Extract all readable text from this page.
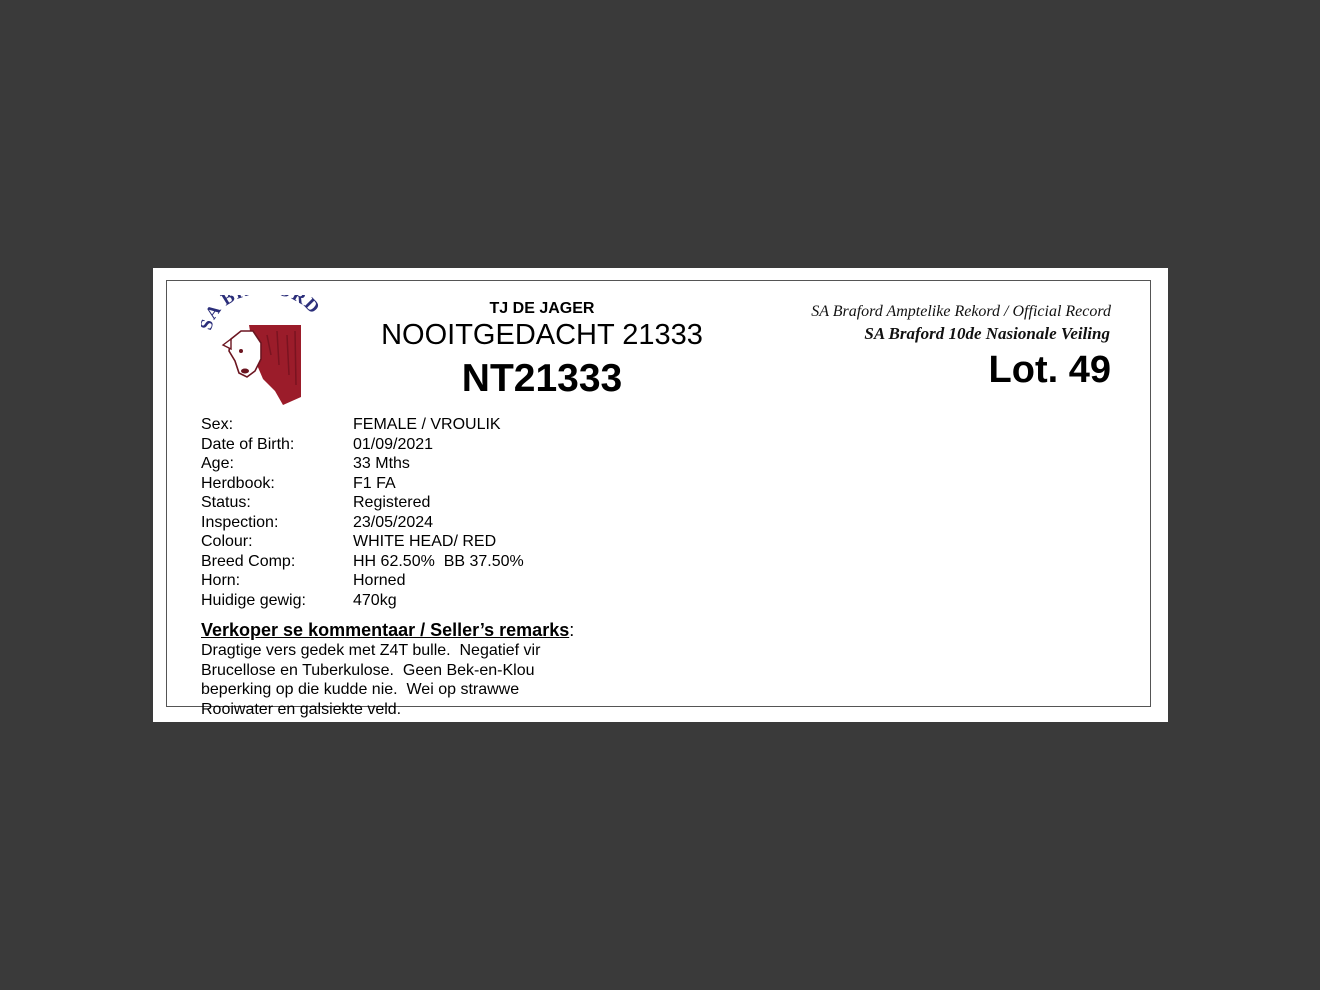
A B RD	TJ DE JAGER
NOOITGEDACHT 21333
NT21333
SA Braford Amptelike Rekord / Official Record
SA Braford 10de Nasionale Veiling
Lot. 49
Sex:	FEMALE / VROULIK
Date of Birth:	01/09/2021
Age:	33 Mths
Herdbook:	F1 FA
Status:	Registered
Inspection:	23/05/2024
Colour:	WHITE HEAD/ RED
Breed Comp:	HH 62.50%  BB 37.50%
Horn:	Horned
Huidige gewig:	470kg
Verkoper se kommentaar / Seller’s remarks:
Dragtige vers gedek met Z4T bulle.  Negatief vir
Brucellose en Tuberkulose.  Geen Bek-en-Klou
beperking op die kudde nie.  Wei op strawwe
Rooiwater en galsiekte veld.
